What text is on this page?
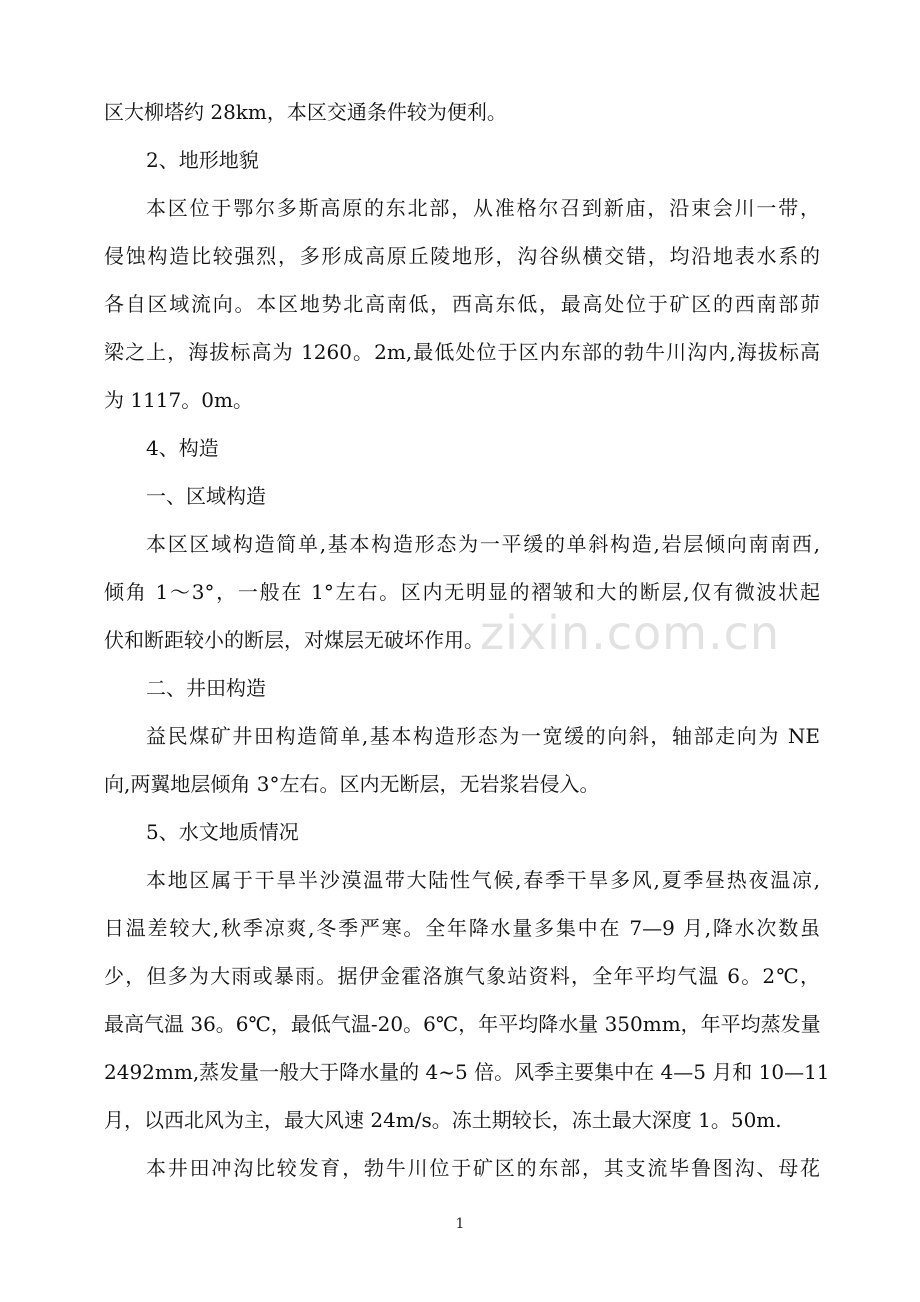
区大柳塔约 28km，本区交通条件较为便利。
2、地形地貌
本区位于鄂尔多斯高原的东北部，从准格尔召到新庙，沿束会川一带，
侵蚀构造比较强烈，多形成高原丘陵地形，沟谷纵横交错，均沿地表水系的
各自区域流向。本区地势北高南低，西高东低，最高处位于矿区的西南部茆
梁之上，海拔标高为 1260。2m,最低处位于区内东部的勃牛川沟内,海拔标高
为 1117。0m。
4、构造
一、区域构造
本区区域构造简单,基本构造形态为一平缓的单斜构造,岩层倾向南南西,
倾角 1～3°，一般在 1°左右。区内无明显的褶皱和大的断层,仅有微波状起
伏和断距较小的断层，对煤层无破坏作用。
二、井田构造
益民煤矿井田构造简单,基本构造形态为一宽缓的向斜，轴部走向为 NE
向,两翼地层倾角 3°左右。区内无断层，无岩浆岩侵入。
5、水文地质情况
本地区属于干旱半沙漠温带大陆性气候,春季干旱多风,夏季昼热夜温凉,
日温差较大,秋季凉爽,冬季严寒。全年降水量多集中在 7—9 月,降水次数虽
少，但多为大雨或暴雨。据伊金霍洛旗气象站资料，全年平均气温 6。2℃，
最高气温 36。6℃，最低气温-20。6℃，年平均降水量 350mm，年平均蒸发量
2492mm,蒸发量一般大于降水量的 4~5 倍。风季主要集中在 4—5 月和 10—11
月，以西北风为主，最大风速 24m/s。冻土期较长，冻土最大深度 1。50m.
本井田冲沟比较发育，勃牛川位于矿区的东部，其支流毕鲁图沟、母花
zixin.com.cn
1
